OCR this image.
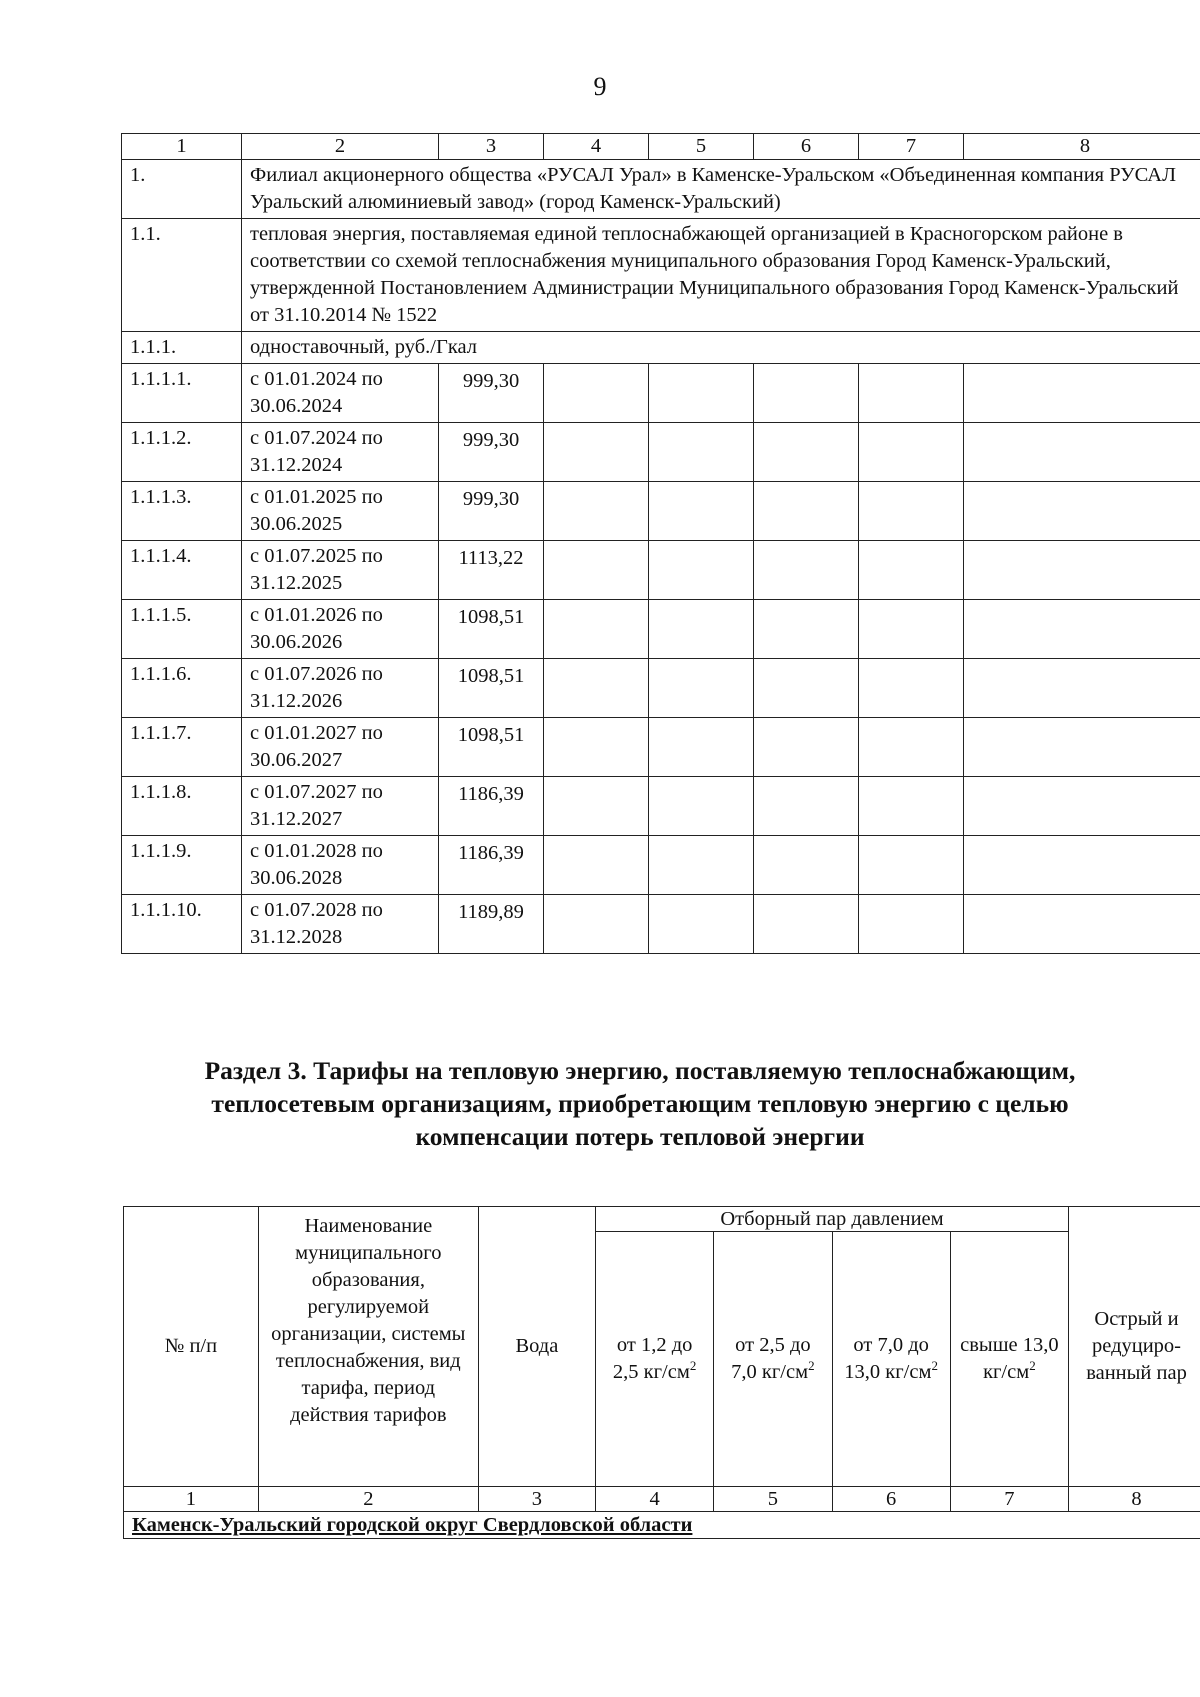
9
1	2	3	4	5	6	7	8
1.	Филиал акционерного общества «РУСАЛ Урал» в Каменске-Уральском «Объединенная компания РУСАЛ Уральский алюминиевый завод» (город Каменск-Уральский)						
1.1.	тепловая энергия, поставляемая единой теплоснабжающей организацией в Красногорском районе в соответствии со схемой теплоснабжения муниципального образования Город Каменск-Уральский, утвержденной Постановлением Администрации Муниципального образования Город Каменск-Уральский от 31.10.2014 № 1522						
1.1.1.	одноставочный, руб./Гкал						
1.1.1.1.	с 01.01.2024 по 30.06.2024	999,30					
1.1.1.2.	с 01.07.2024 по 31.12.2024	999,30					
1.1.1.3.	с 01.01.2025 по 30.06.2025	999,30					
1.1.1.4.	с 01.07.2025 по 31.12.2025	1113,22					
1.1.1.5.	с 01.01.2026 по 30.06.2026	1098,51					
1.1.1.6.	с 01.07.2026 по 31.12.2026	1098,51					
1.1.1.7.	с 01.01.2027 по 30.06.2027	1098,51					
1.1.1.8.	с 01.07.2027 по 31.12.2027	1186,39					
1.1.1.9.	с 01.01.2028 по 30.06.2028	1186,39					
1.1.1.10.	с 01.07.2028 по 31.12.2028	1189,89					
Раздел 3. Тарифы на тепловую энергию, поставляемую теплоснабжающим,
теплосетевым организациям, приобретающим тепловую энергию с целью
компенсации потерь тепловой энергии
№ п/п	Наименование муниципального образования, регулируемой организации, системы теплоснабжения, вид тарифа, период действия тарифов	Вода	Отборный пар давлением				Острый и редуциро-ванный пар
			от 1,2 до 2,5 $кг/см^2$	от 2,5 до 7,0 $кг/см^2$	от 7,0 до 13,0 $кг/см^2$	свыше 13,0 $кг/см^2$
1	2	3	4	5	6	7	8
Каменск-Уральский городской округ Свердловской области							
